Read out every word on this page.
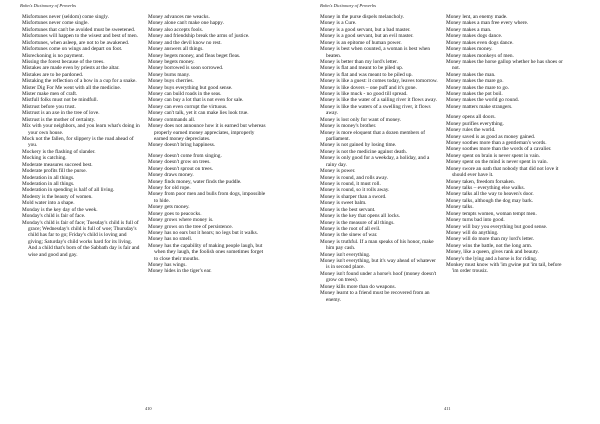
Bohn's Dictionary of Proverbs
Misfortunes never (seldom) come singly.
Misfortunes never come single.
Misfortunes that can't be avoided must be sweetened.
Misfortunes will happen to the wisest and best of men.
Misfortunes, when asleep, are not to be awakened.
Misfortunes come on wings and depart on foot.
Misreckoning is no payment.
Missing the forest because of the trees.
Mistakes are made even by priests at the altar.
Mistakes are to be pardoned.
Mistaking the reflection of a bow in a cup for a snake.
Mister Dig For Me went with all the medicine.
Mister make men of craft.
Mistfull folks must not be mindfull.
Mistrust before you trust.
Mistrust is an axe in the tree of love.
Mistrust is the mother of certainty.
Mix with your neighbors, and you learn what's doing in your own house.
Mock not the fallen, for slippery is the road ahead of you.
Mockery is the flashing of slander.
Mocking is catching.
Moderate measures succeed best.
Moderate profits fill the purse.
Moderation in all things.
Moderation in all things.
Moderation in spending is half of all living.
Modesty is the beauty of women.
Mold water into a shape.
Monday is the key day of the week.
Monday's child is fair of face.
Monday's child is fair of face; Tuesday's child is full of grace; Wednesday's child is full of woe; Thursday's child has far to go; Friday's child is loving and giving; Saturday's child works hard for its living. And a child that's born of the Sabbath day is fair and wise and good and gay.
Money advances me weacks.
Money alone can't make one happy.
Money also accepts fools.
Money and friendship break the arms of justice.
Money and the devil know no rest.
Money answers all things.
Money begets money, and fleas beget fleas.
Money begets money.
Money borrowed is soon sorrowed.
Money burns many.
Money buys cherries.
Money buys everything but good sense.
Money can build roads in the seas.
Money can buy a lot that is not even for sale.
Money can even corrupt the virtuous.
Money can't talk, yet it can make lies look true.
Money commands all.
Money does not announce how it is earned but whereas properly earned money appreciates, improperly earned money depreciates.
Money doesn't bring happiness.
Money doesn't come from singing.
Money doesn't grow on trees.
Money doesn't sprout on trees.
Money draws money.
Money finds money, water finds the puddle.
Money for old rope.
Money from poor men and bulls from dogs, impossible to hide.
Money gets money.
Money goes to peacocks.
Money grows where money is.
Money grows on the tree of persistence.
Money has no ears but it hears; no legs but it walks.
Money has no smell.
Money has the capability of making people laugh, but when they laugh, the foolish ones sometimes forget to close their mouths.
Money has wings.
Money hides in the tiger's ear.
410
Bohn's Dictionary of Proverbs
Money in the purse dispels melancholy.
Money is a Cure.
Money is a good servant, but a bad master.
Money is a good servant, but an evil master.
Money is an epitome of human power.
Money is best when counted, a woman is best when beaten.
Money is better than my lord's letter.
Money is flat and meant to be piled up.
Money is flat and was meant to be piled up.
Money is like a guest: it comes today, leaves tomorrow.
Money is like dovers – one puff and it's gone.
Money is like muck - no good till spread.
Money is like the water of a sailing river it flows away.
Money is like the waters of a swelling river, it flows away.
Money is lost only for want of money.
Money is money's brother.
Money is more eloquent that a dozen members of parliament.
Money is not gained by losing time.
Money is not the medicine against death.
Money is only good for a weekday, a holiday, and a rainy day.
Money is power.
Money is round, and rolls away.
Money is round, it must roll.
Money is round, so it rolls away.
Money is sharper than a sword.
Money is sweet balm.
Money is the best servant.
Money is the key that opens all locks.
Money is the measure of all things.
Money is the root of all evil.
Money is the sinew of war.
Money is truthful. If a man speaks of his honor, make him pay cash.
Money isn't everything.
Money isn't everything, but it's way ahead of whatever is in second place.
Money isn't found under a horse's hoof (money doesn't grow on trees).
Money kills more than do weapons.
Money learnt to a friend must be recovered from an enemy.
Money lent, an enemy made.
Money makes a man free every where.
Money makes a man.
Money makes dogs dance.
Money makes even dogs dance.
Money makes money.
Money makes monkeys of men.
Money makes the horse gallop whether he has shoes or not.
Money makes the man.
Money makes the mare go.
Money makes the mare to go.
Money makes the pot boil.
Money makes the world go round.
Money matters make strangers.
Money opens all doors.
Money purifies everything.
Money rules the world.
Money saved is as good as money gained.
Money soothes more than a gentleman's words.
Money soothes more than the words of a cavalier.
Money spent on brain is never spent in vain.
Money spent on the mind is never spent in vain.
Money swore an oath that nobody that did not love it should ever have it.
Money taken, freedom forsaken.
Money talks – everything else walks.
Money talks all the way to heaven's door.
Money talks, although the dog may bark.
Money talks.
Money tempts women, woman tempt men.
Money turns bad into good.
Money will buy you everything but good sense.
Money will do anything.
Money will do more than my lord's letter.
Money wins the battle, not the long arm.
Money, like a queen, gives rank and beauty.
Money's the lying and a horse is for riding.
Monkey must know with 'im gwine put 'im tail, before 'im order trousiz.
411
